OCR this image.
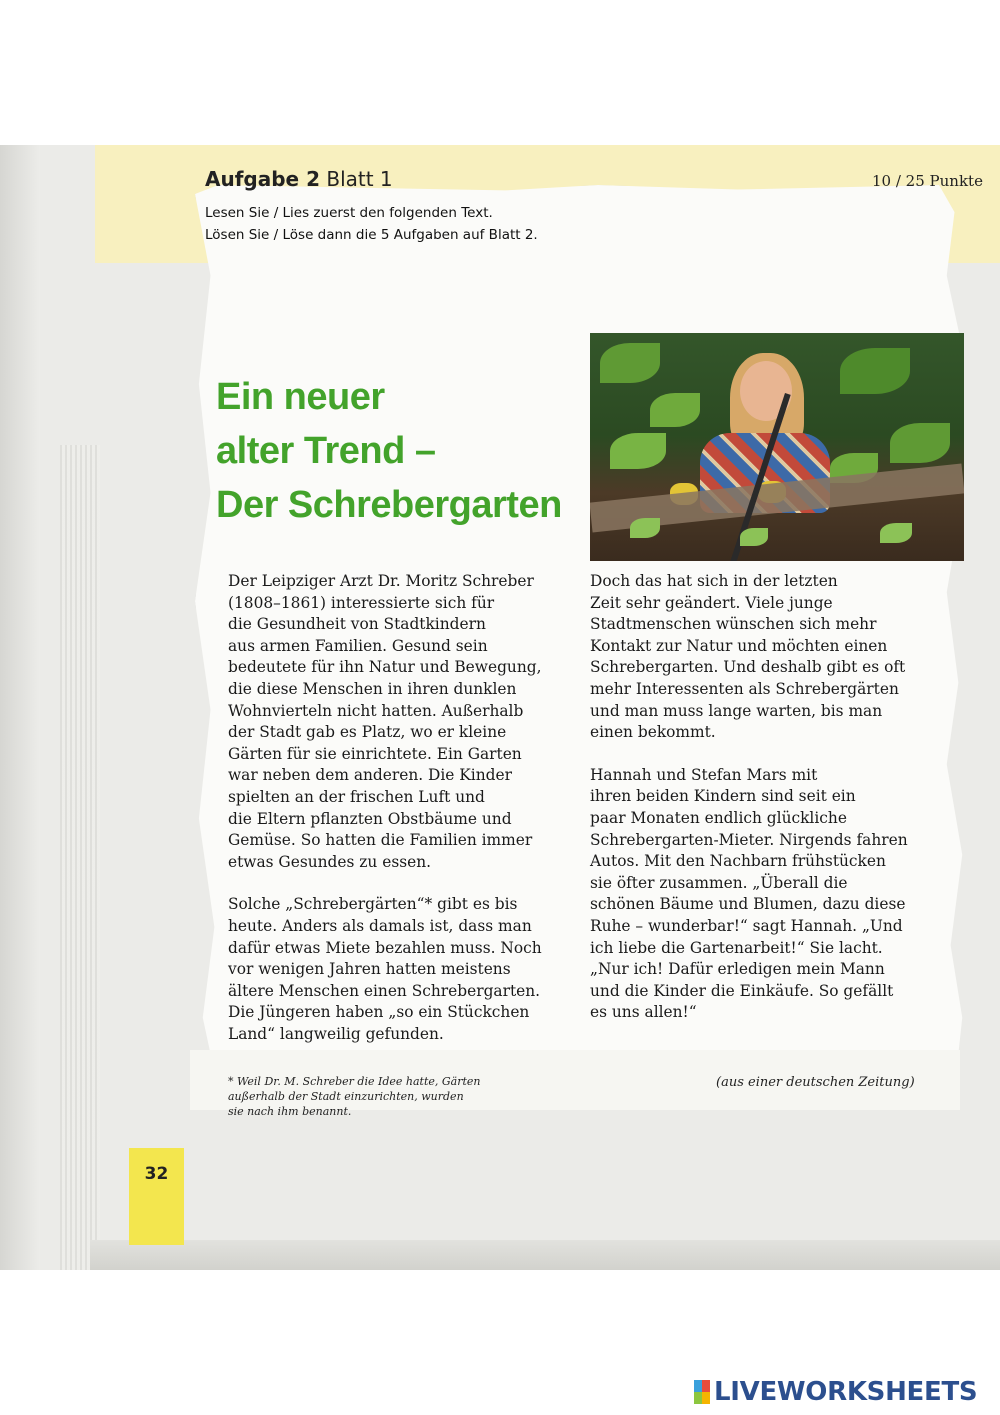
32
Aufgabe 2 Blatt 1	10 / 25 Punkte
Lesen Sie / Lies zuerst den folgenden Text.
Lösen Sie / Löse dann die 5 Aufgaben auf Blatt 2.
Ein neuer
alter Trend –
Der Schrebergarten
Der Leipziger Arzt Dr. Moritz Schreber
(1808–1861) interessierte sich für
die Gesundheit von Stadtkindern
aus armen Familien. Gesund sein
bedeutete für ihn Natur und Bewegung,
die diese Menschen in ihren dunklen
Wohnvierteln nicht hatten. Außerhalb
der Stadt gab es Platz, wo er kleine
Gärten für sie einrichtete. Ein Garten
war neben dem anderen. Die Kinder
spielten an der frischen Luft und
die Eltern pflanzten Obstbäume und
Gemüse. So hatten die Familien immer
etwas Gesundes zu essen.
Solche „Schrebergärten“* gibt es bis
heute. Anders als damals ist, dass man
dafür etwas Miete bezahlen muss. Noch
vor wenigen Jahren hatten meistens
ältere Menschen einen Schrebergarten.
Die Jüngeren haben „so ein Stückchen
Land“ langweilig gefunden.
Doch das hat sich in der letzten
Zeit sehr geändert. Viele junge
Stadtmenschen wünschen sich mehr
Kontakt zur Natur und möchten einen
Schrebergarten. Und deshalb gibt es oft
mehr Interessenten als Schrebergärten
und man muss lange warten, bis man
einen bekommt.
Hannah und Stefan Mars mit
ihren beiden Kindern sind seit ein
paar Monaten endlich glückliche
Schrebergarten-Mieter. Nirgends fahren
Autos. Mit den Nachbarn frühstücken
sie öfter zusammen. „Überall die
schönen Bäume und Blumen, dazu diese
Ruhe – wunderbar!“ sagt Hannah. „Und
ich liebe die Gartenarbeit!“ Sie lacht.
„Nur ich! Dafür erledigen mein Mann
und die Kinder die Einkäufe. So gefällt
es uns allen!“
* Weil Dr. M. Schreber die Idee hatte, Gärten
außerhalb der Stadt einzurichten, wurden
sie nach ihm benannt.
(aus einer deutschen Zeitung)
LIVEWORKSHEETS
